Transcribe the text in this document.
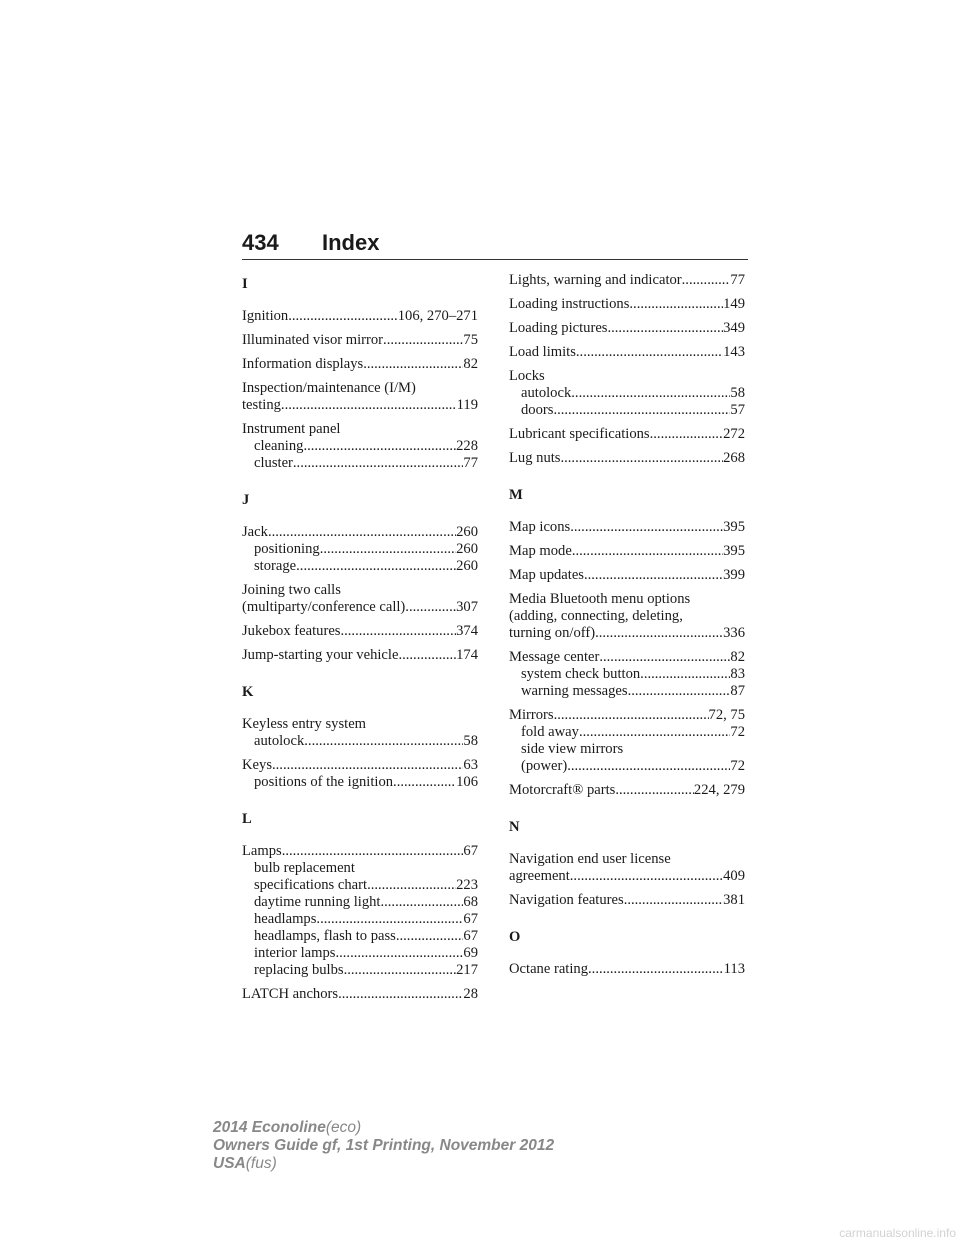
434 Index
I
Ignition .....	106, 270–271
Illuminated visor mirror .....	75
Information displays .....	82
Inspection/maintenance (I/M)
testing .....	119
Instrument panel
cleaning .....	228
cluster .....	77
J
Jack .....	260
positioning .....	260
storage .....	260
Joining two calls
(multiparty/conference call) .....	307
Jukebox features .....	374
Jump-starting your vehicle .....	174
K
Keyless entry system
autolock .....	58
Keys .....	63
positions of the ignition .....	106
L
Lamps .....	67
bulb replacement
specifications chart .....	223
daytime running light .....	68
headlamps .....	67
headlamps, flash to pass .....	67
interior lamps .....	69
replacing bulbs .....	217
LATCH anchors .....	28
Lights, warning and indicator .....	77
Loading instructions .....	149
Loading pictures .....	349
Load limits .....	143
Locks
autolock .....	58
doors .....	57
Lubricant specifications .....	272
Lug nuts .....	268
M
Map icons .....	395
Map mode .....	395
Map updates .....	399
Media Bluetooth menu options
(adding, connecting, deleting,
turning on/off) .....	336
Message center .....	82
system check button .....	83
warning messages .....	87
Mirrors .....	72, 75
fold away .....	72
side view mirrors
(power) .....	72
Motorcraft® parts .....	224, 279
N
Navigation end user license
agreement .....	409
Navigation features .....	381
O
Octane rating .....	113
2014 Econoline(eco)
Owners Guide gf, 1st Printing, November 2012
USA(fus)
carmanualsonline.info
